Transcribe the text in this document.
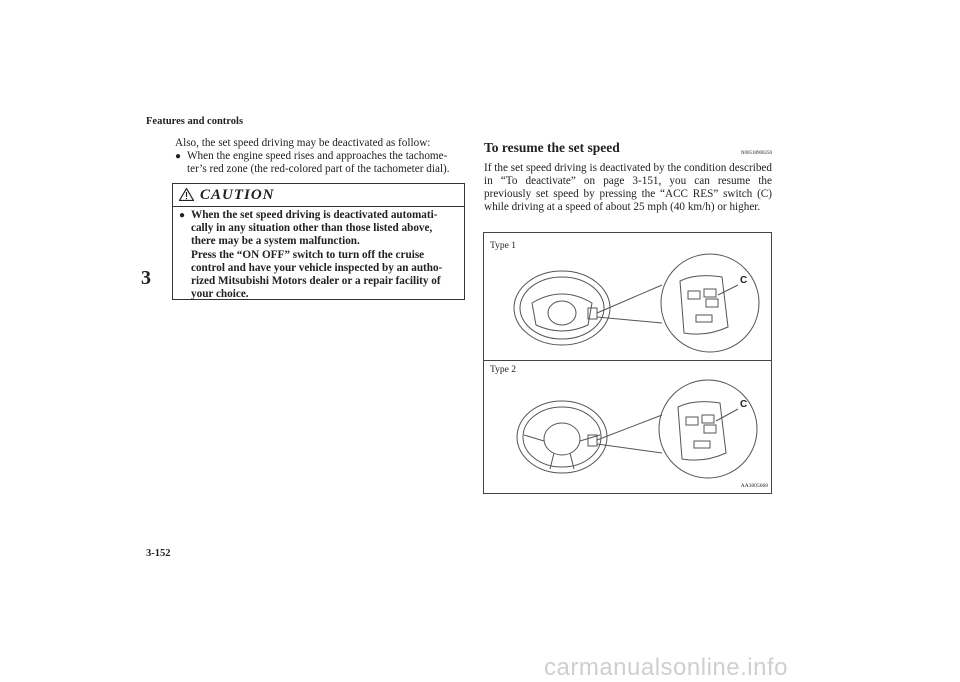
Features and controls
3

Also, the set speed driving may be deactivated as follow:

● When the engine speed rises and approaches the tachome-

ter’s red zone (the red-colored part of the tachometer dial).

CAUTION
● When the set speed driving is deactivated automati-
cally in any situation other than those listed above,
there may be a system malfunction.
Press the “ON OFF” switch to turn off the cruise
control and have your vehicle inspected by an autho-
rized Mitsubishi Motors dealer or a repair facility of
your choice.
To resume the set speed	N00518900250
If the set speed driving is deactivated by the condition described in “To deactivate” on page 3-151, you can resume the previously set speed by pressing the “ACC RES” switch (C) while driving at a speed of about 25 mph (40 km/h) or higher.
Type 1
Type 2
C
C
AA3005668
3-152
carmanualsonline.info
